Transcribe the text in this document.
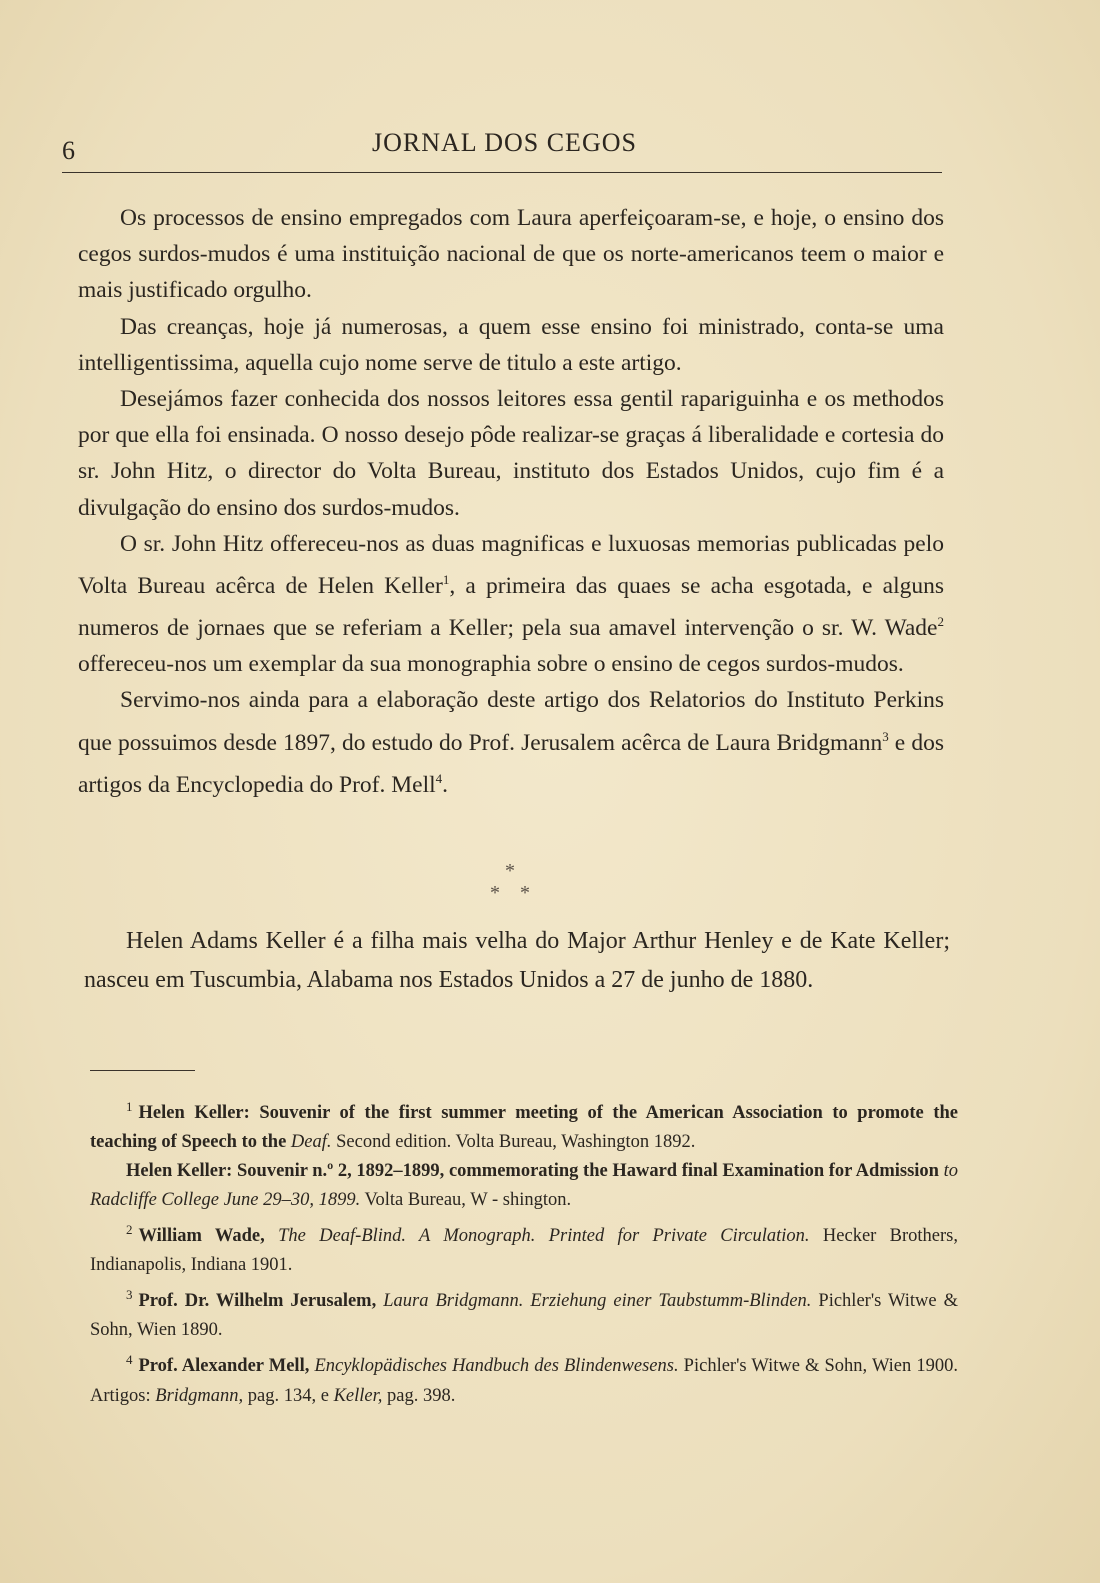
6	JORNAL DOS CEGOS

Os processos de ensino empregados com Laura aperfeiçoaram-se, e hoje, o ensino dos cegos surdos-mudos é uma instituição nacional de que os norte-americanos teem o maior e mais justificado orgulho.

Das creanças, hoje já numerosas, a quem esse ensino foi ministrado, conta-se uma intelligentissima, aquella cujo nome serve de titulo a este artigo.

Desejámos fazer conhecida dos nossos leitores essa gentil rapariguinha e os methodos por que ella foi ensinada. O nosso desejo pôde realizar-se graças á liberalidade e cortesia do sr. John Hitz, o director do Volta Bureau, instituto dos Estados Unidos, cujo fim é a divulgação do ensino dos surdos-mudos.

O sr. John Hitz offereceu-nos as duas magnificas e luxuosas memorias publicadas pelo Volta Bureau acêrca de Helen Keller$^1$, a primeira das quaes se acha esgotada, e alguns numeros de jornaes que se referiam a Keller; pela sua amavel intervenção o sr. W. Wade$^2$ offereceu-nos um exemplar da sua monographia sobre o ensino de cegos surdos-mudos.

Servimo-nos ainda para a elaboração deste artigo dos Relatorios do Instituto Perkins que possuimos desde 1897, do estudo do Prof. Jerusalem acêrca de Laura Bridgmann$^3$ e dos artigos da Encyclopedia do Prof. Mell$^4$.

*
* *

Helen Adams Keller é a filha mais velha do Major Arthur Henley e de Kate Keller; nasceu em Tuscumbia, Alabama nos Estados Unidos a 27 de junho de 1880.

$^1$ Helen Keller: Souvenir of the first summer meeting of the American Association to promote the teaching of Speech to the Deaf. Second edition. Volta Bureau, Washington 1892.

Helen Keller: Souvenir n.º 2, 1892–1899, commemorating the Haward final Examination for Admission to Radcliffe College June 29–30, 1899. Volta Bureau, W - shington.

$^2$ William Wade, The Deaf-Blind. A Monograph. Printed for Private Circulation. Hecker Brothers, Indianapolis, Indiana 1901.

$^3$ Prof. Dr. Wilhelm Jerusalem, Laura Bridgmann. Erziehung einer Taubstumm-Blinden. Pichler's Witwe & Sohn, Wien 1890.

$^4$ Prof. Alexander Mell, Encyklopädisches Handbuch des Blindenwesens. Pichler's Witwe & Sohn, Wien 1900. Artigos: Bridgmann, pag. 134, e Keller, pag. 398.
